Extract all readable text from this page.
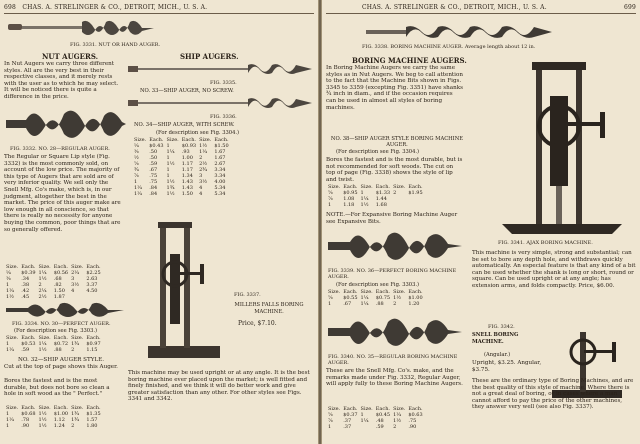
698 CHAS. A. STRELINGER & CO., DETROIT, MICH., U. S. A.
FIG. 3331. NUT OR HAND AUGER.
NUT AUGERS.
In Nut Augers we carry three different styles. All are the very best in their respective classes, and it merely rests with the user as to which he may select. It will be noticed there is quite a difference in the price.
FIG. 3332. NO. 28—REGULAR AUGER.
The Regular or Square Lip style (Fig. 3332) is the most commonly sold, on account of the low price. The majority of this type of Augers that are sold are of very inferior quality. We sell only the Snell Mfg. Co's make, which is, in our judgment, altogether the best in the market. The price of this auger make are low enough in all conscience, so that there is really no necessity for anyone buying the common, poor things that are so generally offered.
Size.	Each.	Size.	Each.	Size.	Each.
¼	$0.39	1¼	$0.56	2¼	$2.25
⅜	.34	1½	.68	3	2.63
1	.38	2	.82	3½	3.37
1¼	.42	2¼	1.50	4	4.50
1½	.45	2½	1.87		
FIG. 3334. NO. 30—PERFECT AUGER.
(For description see Fig. 3303.)
Size.	Each.	Size.	Each.	Size.	Each.
1	$0.53	1¼	$0.72	1¾	$0.97
1¼	.59	1½	.88	2	1.15
NO. 32—SHIP AUGER STYLE.
Cut at the top of page shows this Auger.
Bores the fastest and is the most durable, but does not bore so clean a hole in soft wood as the " Perfect."
Size.	Each.	Size.	Each.	Size.	Each.
1	$0.68	1½	$1.00	1¾	$1.35
1¼	.78	1½	1.12	1¾	1.57
1	.90	1½	1.24	2	1.80
SHIP AUGERS.
FIG. 3335.
NO. 33—SHIP AUGER, NO SCREW.
FIG. 3336.
NO. 34—SHIP AUGER, WITH SCREW.
(For description see Fig. 3304.)
Size.	Each.	Size.	Each.	Size.	Each.
¼	$0.43	1	$0.93	1½	$1.50
⅜	.50	1¼	.93	1¼	1.67
½	.50	1	1.00	2	1.67
⅝	.59	1½	1.17	2½	2.67
¾	.67	1	1.17	2¾	3.34
⅞	.75	1	1.34	3	3.34
1	.75	1½	1.43	3½	4.00
1¼	.84	1¾	1.43	4	5.34
1¼	.84	1½	1.50	4	5.34
FIG. 3337.
MILLERS FALLS BORING MACHINE.
Price, $7.10.
This machine may be used upright or at any angle. It is the best boring machine ever placed upon the market; is well fitted and finely finished, and we think it will do better work and give greater satisfaction than any other. For other styles see Figs. 3341 and 3342.
CHAS. A. STRELINGER & CO., DETROIT, MICH., U. S. A.	699
FIG. 3338. BORING MACHINE AUGER. Average length about 12 in.
BORING MACHINE AUGERS.
In Boring Machine Augers we carry the same styles as in Nut Augers. We beg to call attention to the fact that the Machine Bits shown in Figs. 3345 to 3359 (excepting Fig. 3351) have shanks ¾ inch in diam., and if the occasion requires can be used in almost all styles of boring machines.
NO. 38—SHIP AUGER STYLE BORING MACHINE AUGER.
(For description see Fig. 3304.)
Bores the fastest and is the most durable, but is not recommended for soft woods. The cut on top of page (Fig. 3338) shows the style of lip and twist.
Size.	Each.	Size.	Each.	Size.	Each.
⅝	$0.95	1	$1.33	2	$1.95
⅞	1.08	1¼	1.44		
1	1.18	1½	1.68		
NOTE.—For Expansive Boring Machine Auger see Expansive Bits.
FIG. 3339. NO. 36—PERFECT BORING MACHINE AUGER.
(For description see Fig. 3303.)
Size.	Each.	Size.	Each.	Size.	Each.
⅝	$0.55	1¼	$0.75	1½	$1.00
1	.67	1¼	.88	2	1.20
FIG. 3340. NO. 35—REGULAR BORING MACHINE AUGER.
These are the Snell Mfg. Co's. make, and the remarks made under Fig. 3332, Regular Auger, will apply fully to these Boring Machine Augers.
Size.	Each.	Size.	Each.	Size.	Each.
⅝	$0.37	1	$0.45	1¼	$0.63
⅞	.37	1¼	.48	1½	.75
1	.37		.59	2	.90
FIG. 3341. AJAX BORING MACHINE.
This machine is very simple, strong and substantial; can be set to bore any depth hole, and withdraws quickly automatically. An especial feature is that any kind of a bit can be used whether the shank is long or short, round or square. Can be used upright or at any angle; has extension arms, and folds compactly. Price, $6.00.
FIG. 3342.
SNELL BORING MACHINE.
(Angular.)
Upright, $3.25. Angular, $3.75.
These are the ordinary type of Boring Machines, and are the best quality of this style of machine. Where there is not a great deal of boring, or in cases where a man cannot afford to pay the price of the other machines, they answer very well (see also Fig. 3337).
